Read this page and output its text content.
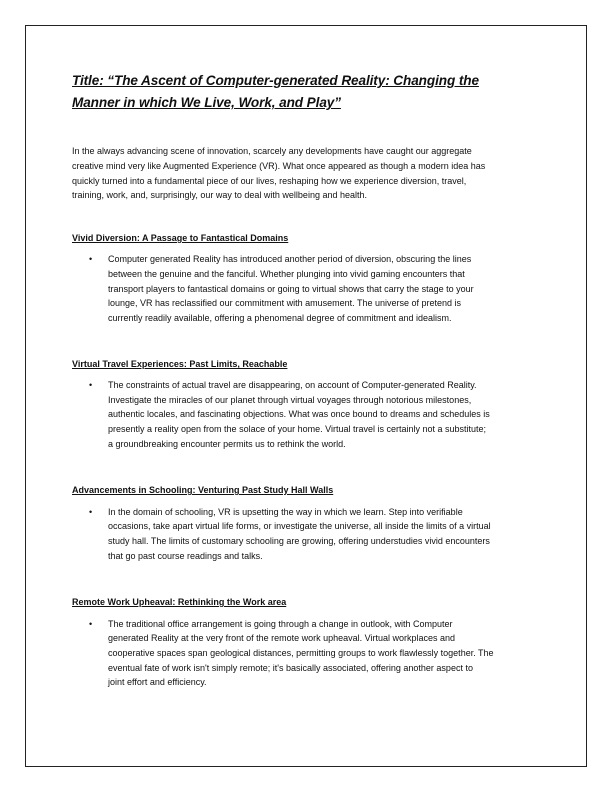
Title: “The Ascent of Computer-generated Reality: Changing the
Manner in which We Live, Work, and Play”
In the always advancing scene of innovation, scarcely any developments have caught our aggregate
creative mind very like Augmented Experience (VR). What once appeared as though a modern idea has
quickly turned into a fundamental piece of our lives, reshaping how we experience diversion, travel,
training, work, and, surprisingly, our way to deal with wellbeing and health.
Vivid Diversion: A Passage to Fantastical Domains
• Computer generated Reality has introduced another period of diversion, obscuring the lines
between the genuine and the fanciful. Whether plunging into vivid gaming encounters that
transport players to fantastical domains or going to virtual shows that carry the stage to your
lounge, VR has reclassified our commitment with amusement. The universe of pretend is
currently readily available, offering a phenomenal degree of commitment and idealism.
Virtual Travel Experiences: Past Limits, Reachable
• The constraints of actual travel are disappearing, on account of Computer-generated Reality.
Investigate the miracles of our planet through virtual voyages through notorious milestones,
authentic locales, and fascinating objections. What was once bound to dreams and schedules is
presently a reality open from the solace of your home. Virtual travel is certainly not a substitute;
a groundbreaking encounter permits us to rethink the world.
Advancements in Schooling: Venturing Past Study Hall Walls
• In the domain of schooling, VR is upsetting the way in which we learn. Step into verifiable
occasions, take apart virtual life forms, or investigate the universe, all inside the limits of a virtual
study hall. The limits of customary schooling are growing, offering understudies vivid encounters
that go past course readings and talks.
Remote Work Upheaval: Rethinking the Work area
• The traditional office arrangement is going through a change in outlook, with Computer
generated Reality at the very front of the remote work upheaval. Virtual workplaces and
cooperative spaces span geological distances, permitting groups to work flawlessly together. The
eventual fate of work isn't simply remote; it's basically associated, offering another aspect to
joint effort and efficiency.
